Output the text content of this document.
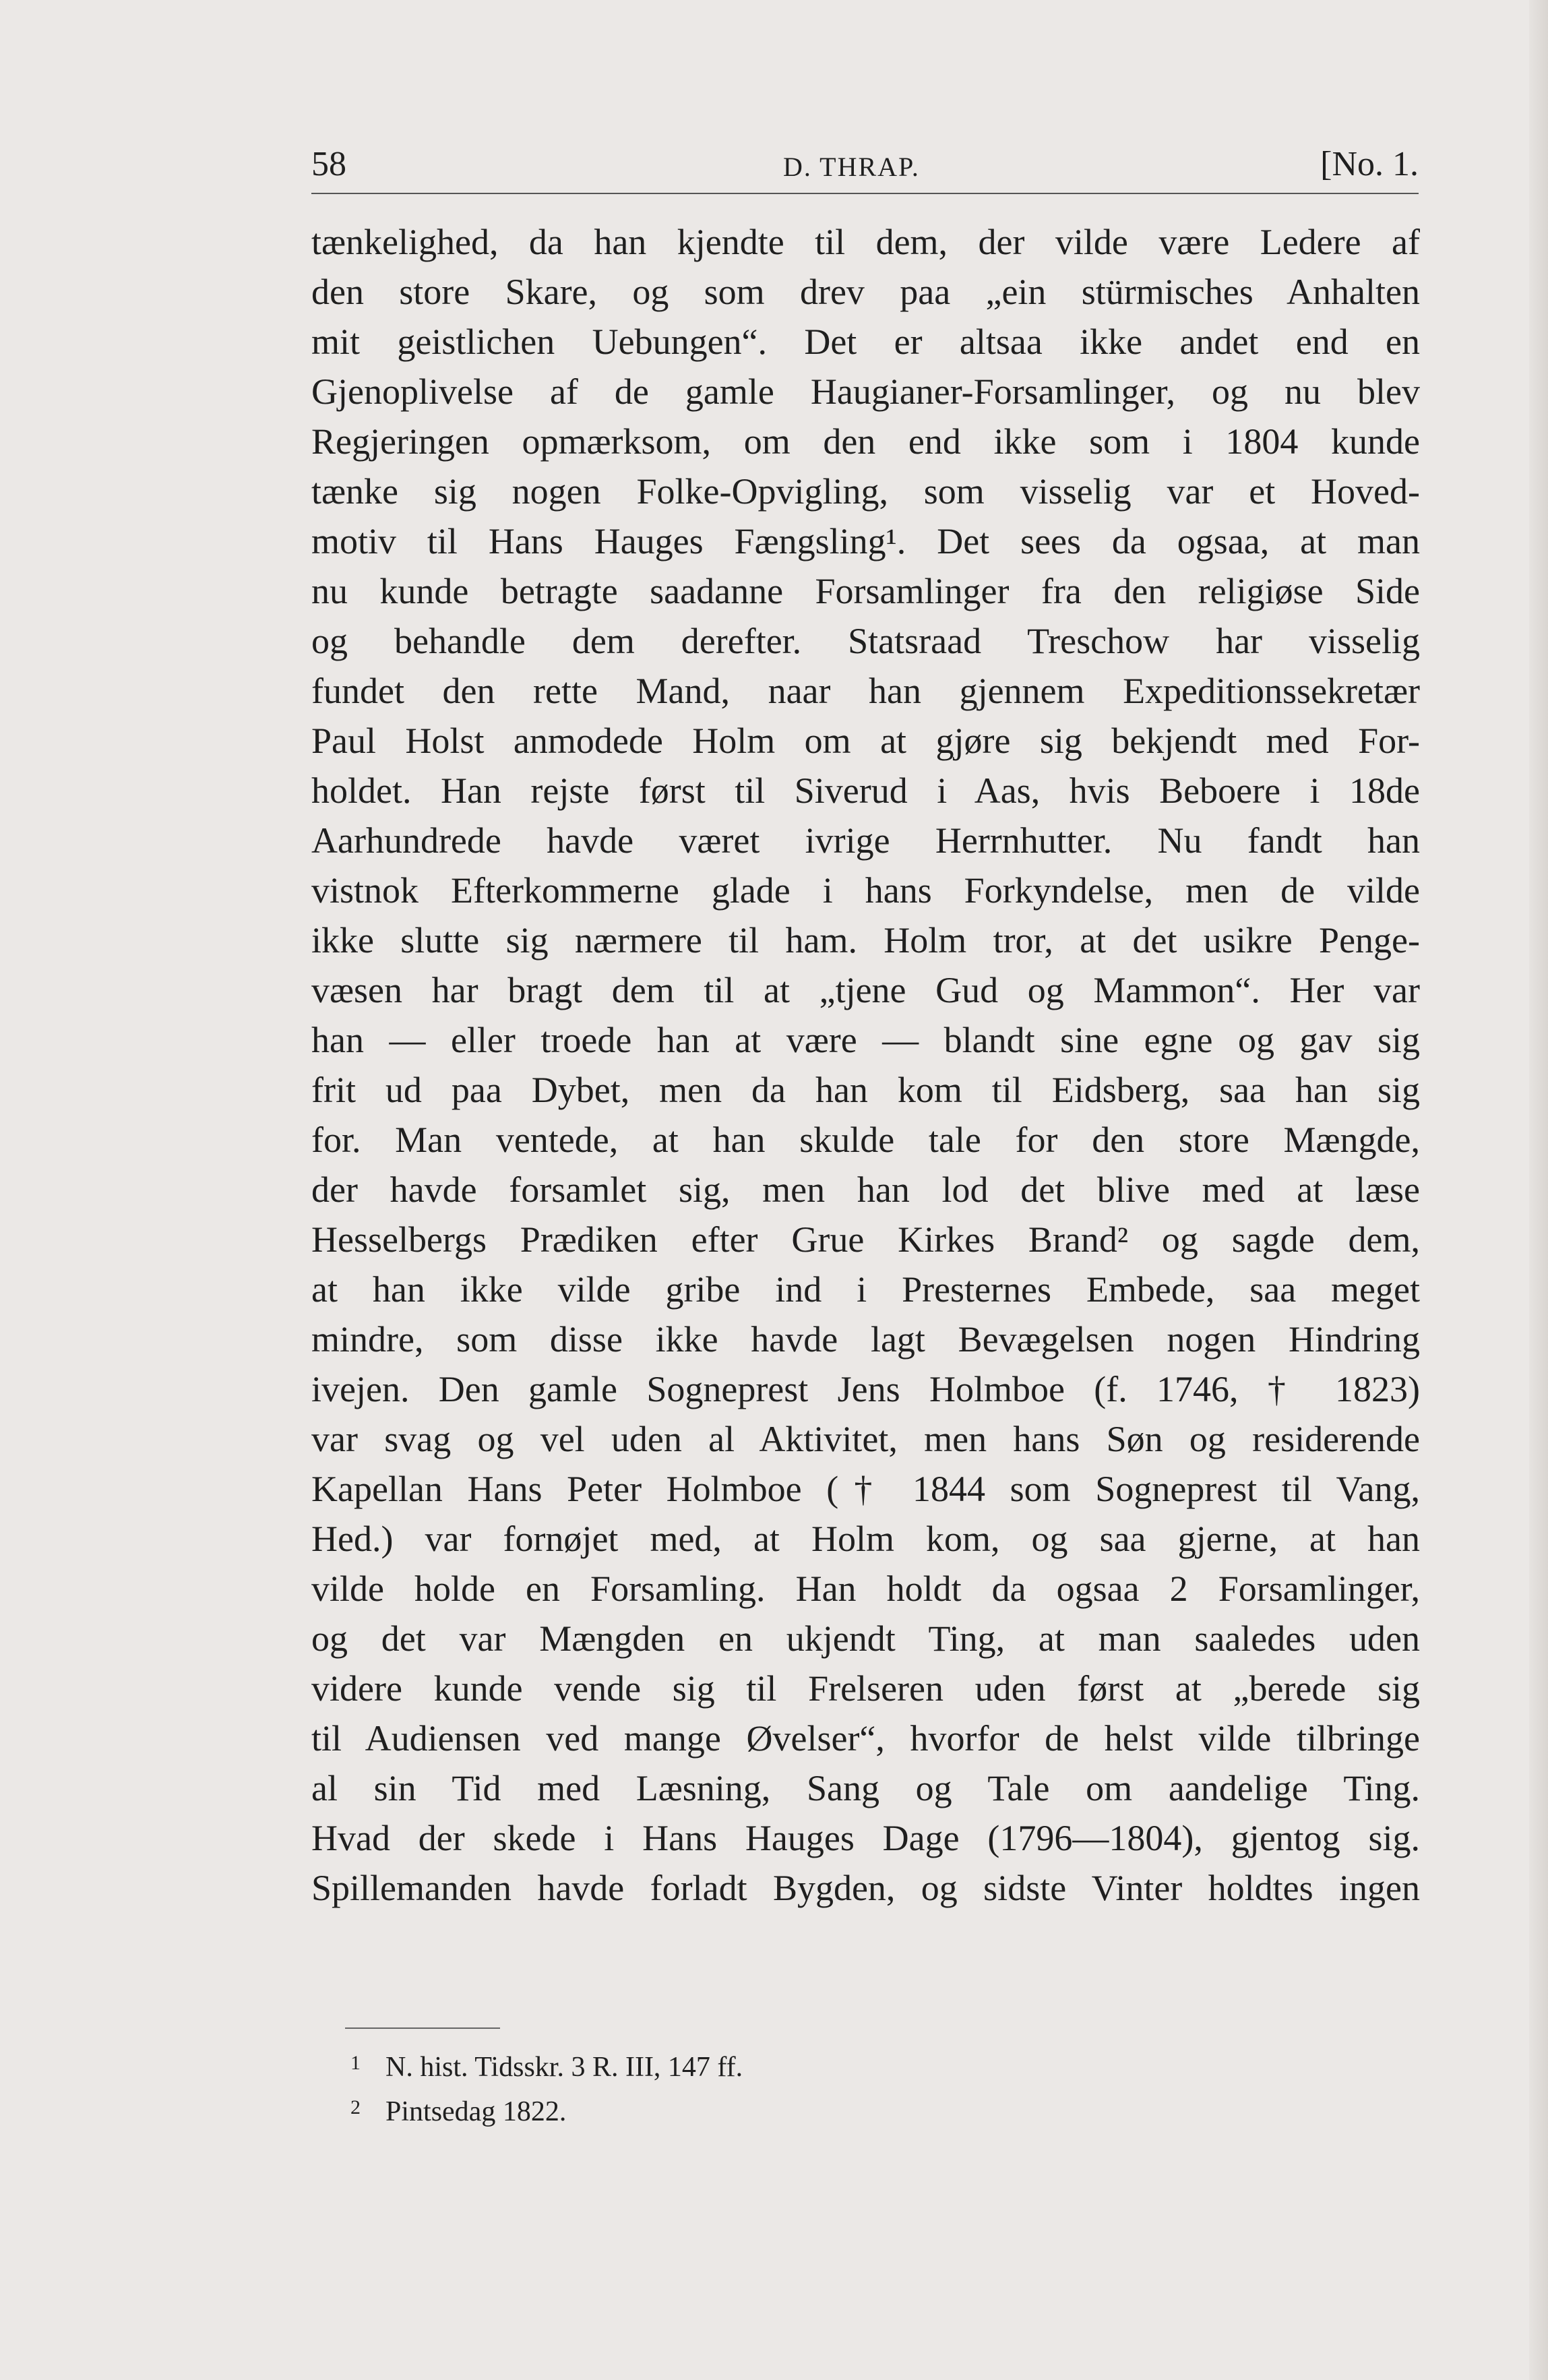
58	D. THRAP.	[No. 1.
tænkelighed, da han kjendte til dem, der vilde være Ledere af
den store Skare, og som drev paa „ein stürmisches Anhalten
mit geistlichen Uebungen“. Det er altsaa ikke andet end en
Gjenoplivelse af de gamle Haugianer-Forsamlinger, og nu blev
Regjeringen opmærksom, om den end ikke som i 1804 kunde
tænke sig nogen Folke-Opvigling, som visselig var et Hoved-
motiv til Hans Hauges Fængsling¹. Det sees da ogsaa, at man
nu kunde betragte saadanne Forsamlinger fra den religiøse Side
og behandle dem derefter. Statsraad Treschow har visselig
fundet den rette Mand, naar han gjennem Expeditionssekretær
Paul Holst anmodede Holm om at gjøre sig bekjendt med For-
holdet. Han rejste først til Siverud i Aas, hvis Beboere i 18de
Aarhundrede havde været ivrige Herrnhutter. Nu fandt han
vistnok Efterkommerne glade i hans Forkyndelse, men de vilde
ikke slutte sig nærmere til ham. Holm tror, at det usikre Penge-
væsen har bragt dem til at „tjene Gud og Mammon“. Her var
han — eller troede han at være — blandt sine egne og gav sig
frit ud paa Dybet, men da han kom til Eidsberg, saa han sig
for. Man ventede, at han skulde tale for den store Mængde,
der havde forsamlet sig, men han lod det blive med at læse
Hesselbergs Prædiken efter Grue Kirkes Brand² og sagde dem,
at han ikke vilde gribe ind i Presternes Embede, saa meget
mindre, som disse ikke havde lagt Bevægelsen nogen Hindring
ivejen. Den gamle Sogneprest Jens Holmboe (f. 1746, † 1823)
var svag og vel uden al Aktivitet, men hans Søn og residerende
Kapellan Hans Peter Holmboe († 1844 som Sogneprest til Vang,
Hed.) var fornøjet med, at Holm kom, og saa gjerne, at han
vilde holde en Forsamling. Han holdt da ogsaa 2 Forsamlinger,
og det var Mængden en ukjendt Ting, at man saaledes uden
videre kunde vende sig til Frelseren uden først at „berede sig
til Audiensen ved mange Øvelser“, hvorfor de helst vilde tilbringe
al sin Tid med Læsning, Sang og Tale om aandelige Ting.
Hvad der skede i Hans Hauges Dage (1796—1804), gjentog sig.
Spillemanden havde forladt Bygden, og sidste Vinter holdtes ingen
1 N. hist. Tidsskr. 3 R. III, 147 ff.
2 Pintsedag 1822.
